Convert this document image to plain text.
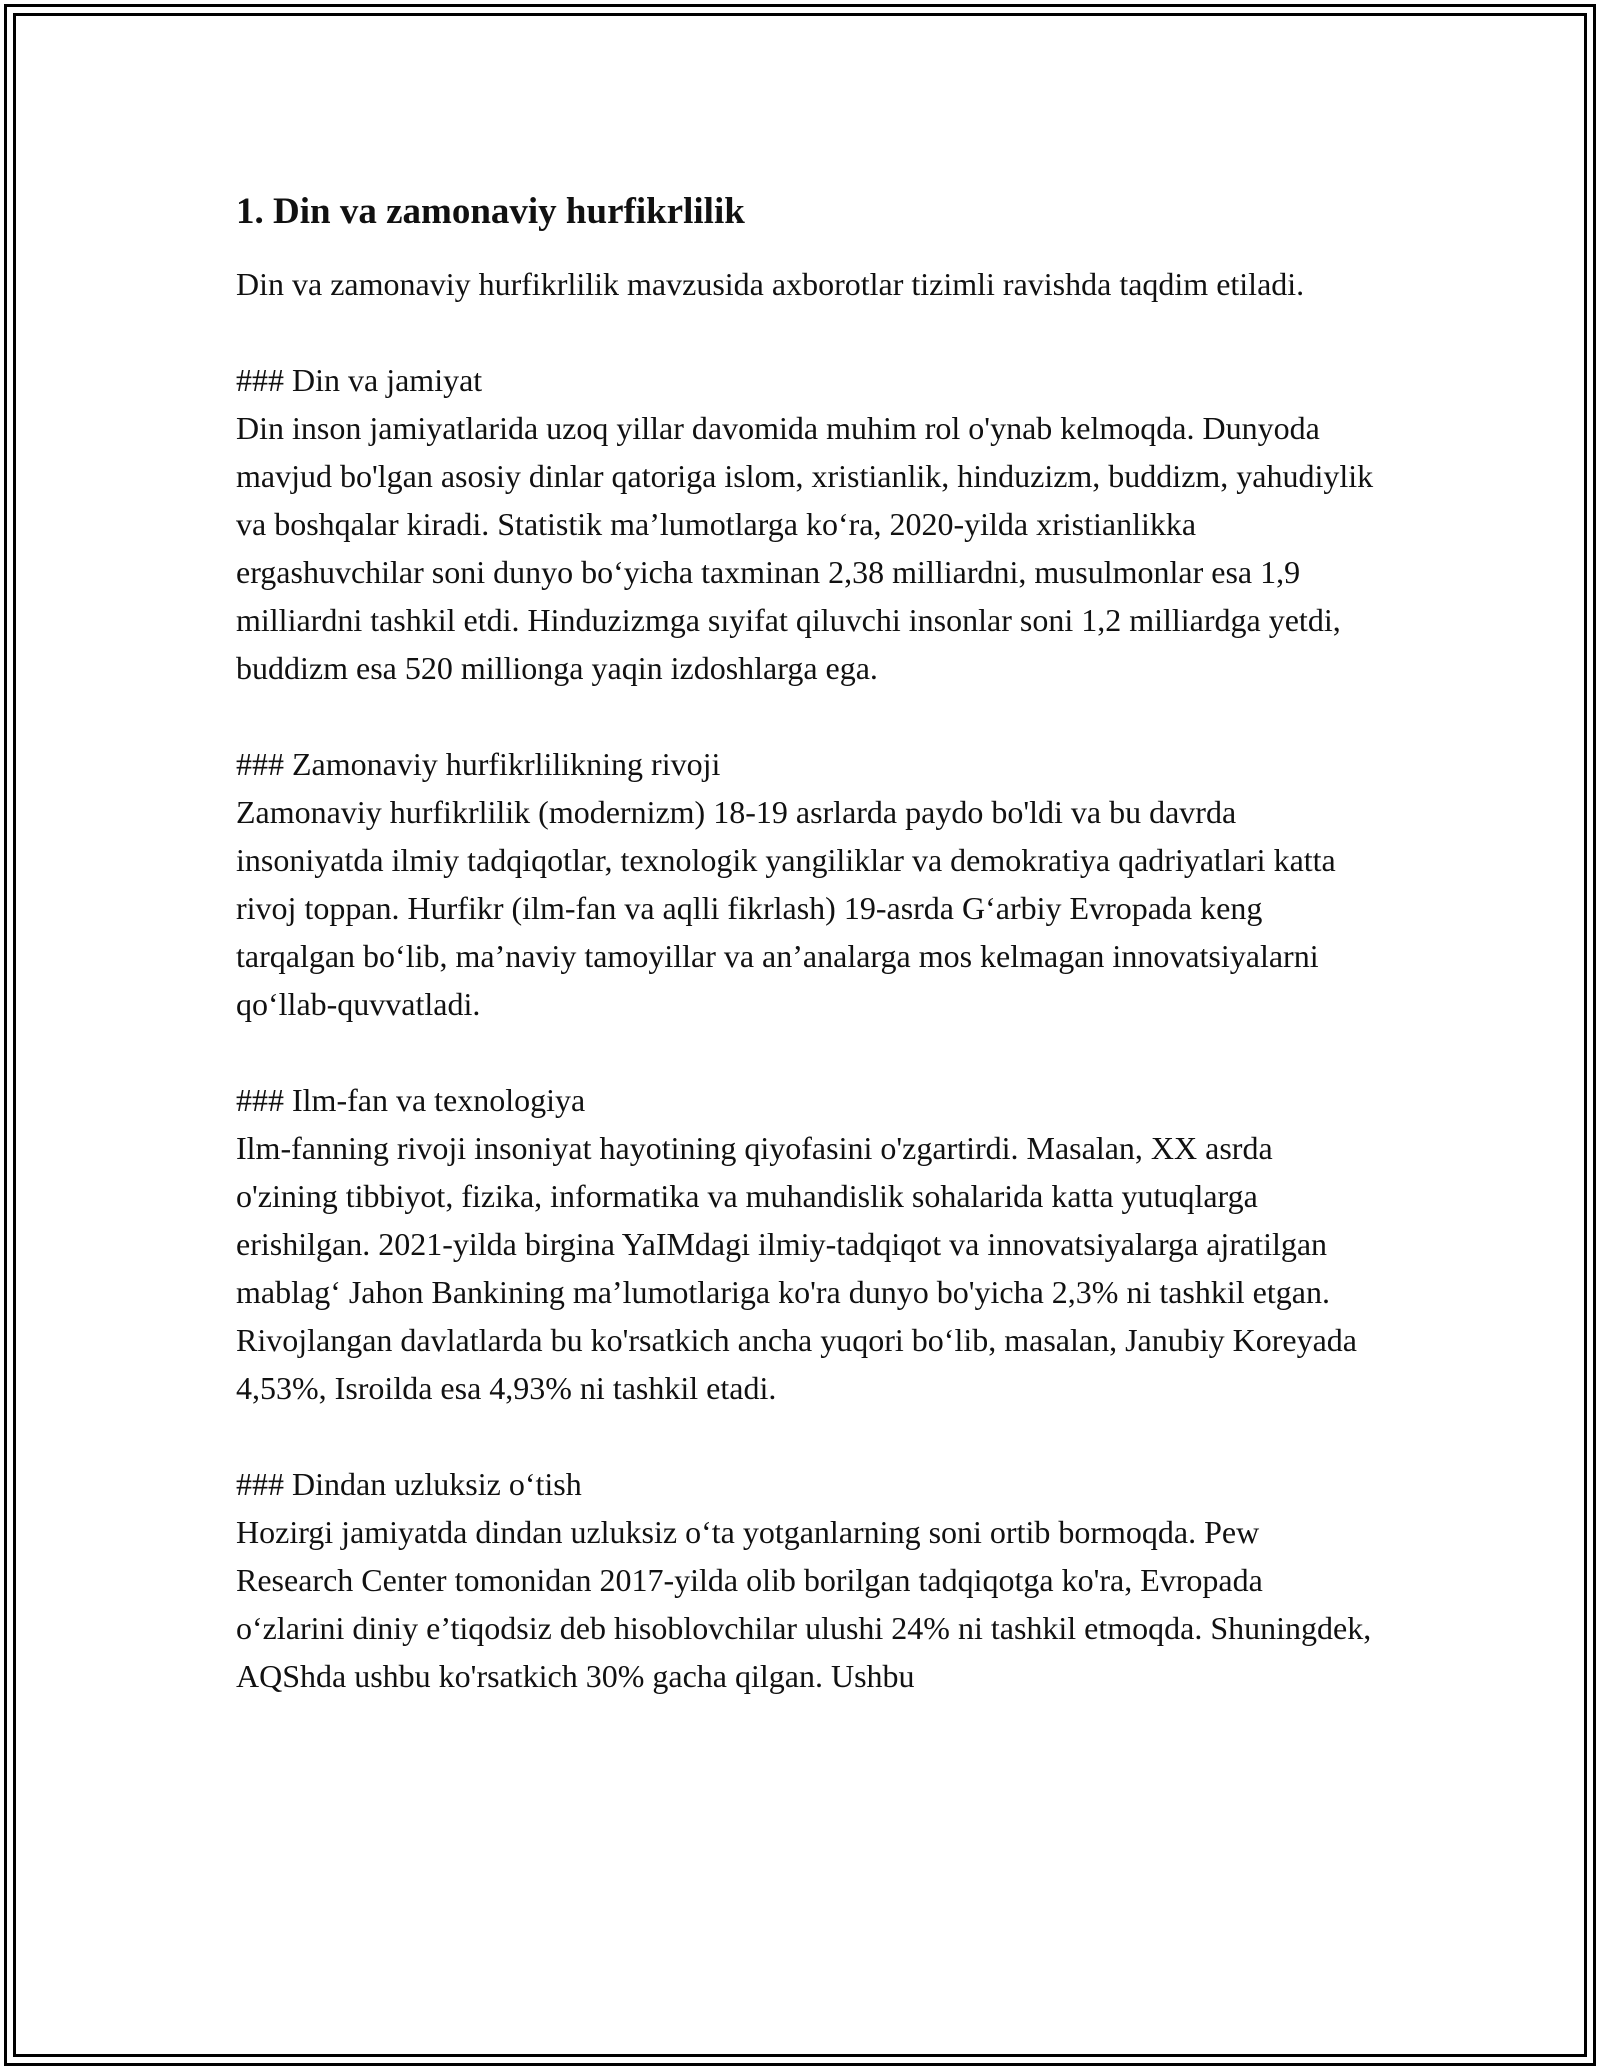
1. Din va zamonaviy hurfikrlilik

Din va zamonaviy hurfikrlilik mavzusida axborotlar tizimli ravishda taqdim etiladi.

### Din va jamiyat

Din inson jamiyatlarida uzoq yillar davomida muhim rol o'ynab kelmoqda. Dunyoda mavjud bo'lgan asosiy dinlar qatoriga islom, xristianlik, hinduzizm, buddizm, yahudiylik va boshqalar kiradi. Statistik ma’lumotlarga ko‘ra, 2020-yilda xristianlikka ergashuvchilar soni dunyo bo‘yicha taxminan 2,38 milliardni, musulmonlar esa 1,9 milliardni tashkil etdi. Hinduzizmga sıyifat qiluvchi insonlar soni 1,2 milliardga yetdi, buddizm esa 520 millionga yaqin izdoshlarga ega.

### Zamonaviy hurfikrlilikning rivoji

Zamonaviy hurfikrlilik (modernizm) 18-19 asrlarda paydo bo'ldi va bu davrda insoniyatda ilmiy tadqiqotlar, texnologik yangiliklar va demokratiya qadriyatlari katta rivoj toppan. Hurfikr (ilm-fan va aqlli fikrlash) 19-asrda G‘arbiy Evropada keng tarqalgan bo‘lib, ma’naviy tamoyillar va an’analarga mos kelmagan innovatsiyalarni qo‘llab-quvvatladi.

### Ilm-fan va texnologiya

Ilm-fanning rivoji insoniyat hayotining qiyofasini o'zgartirdi. Masalan, XX asrda o'zining tibbiyot, fizika, informatika va muhandislik sohalarida katta yutuqlarga erishilgan. 2021-yilda birgina YaIMdagi ilmiy-tadqiqot va innovatsiyalarga ajratilgan mablag‘ Jahon Bankining ma’lumotlariga ko'ra dunyo bo'yicha 2,3% ni tashkil etgan. Rivojlangan davlatlarda bu ko'rsatkich ancha yuqori bo‘lib, masalan, Janubiy Koreyada 4,53%, Isroilda esa 4,93% ni tashkil etadi.

### Dindan uzluksiz o‘tish

Hozirgi jamiyatda dindan uzluksiz o‘ta yotganlarning soni ortib bormoqda. Pew Research Center tomonidan 2017-yilda olib borilgan tadqiqotga ko'ra, Evropada o‘zlarini diniy e’tiqodsiz deb hisoblovchilar ulushi 24% ni tashkil etmoqda. Shuningdek, AQShda ushbu ko'rsatkich 30% gacha qilgan. Ushbu
